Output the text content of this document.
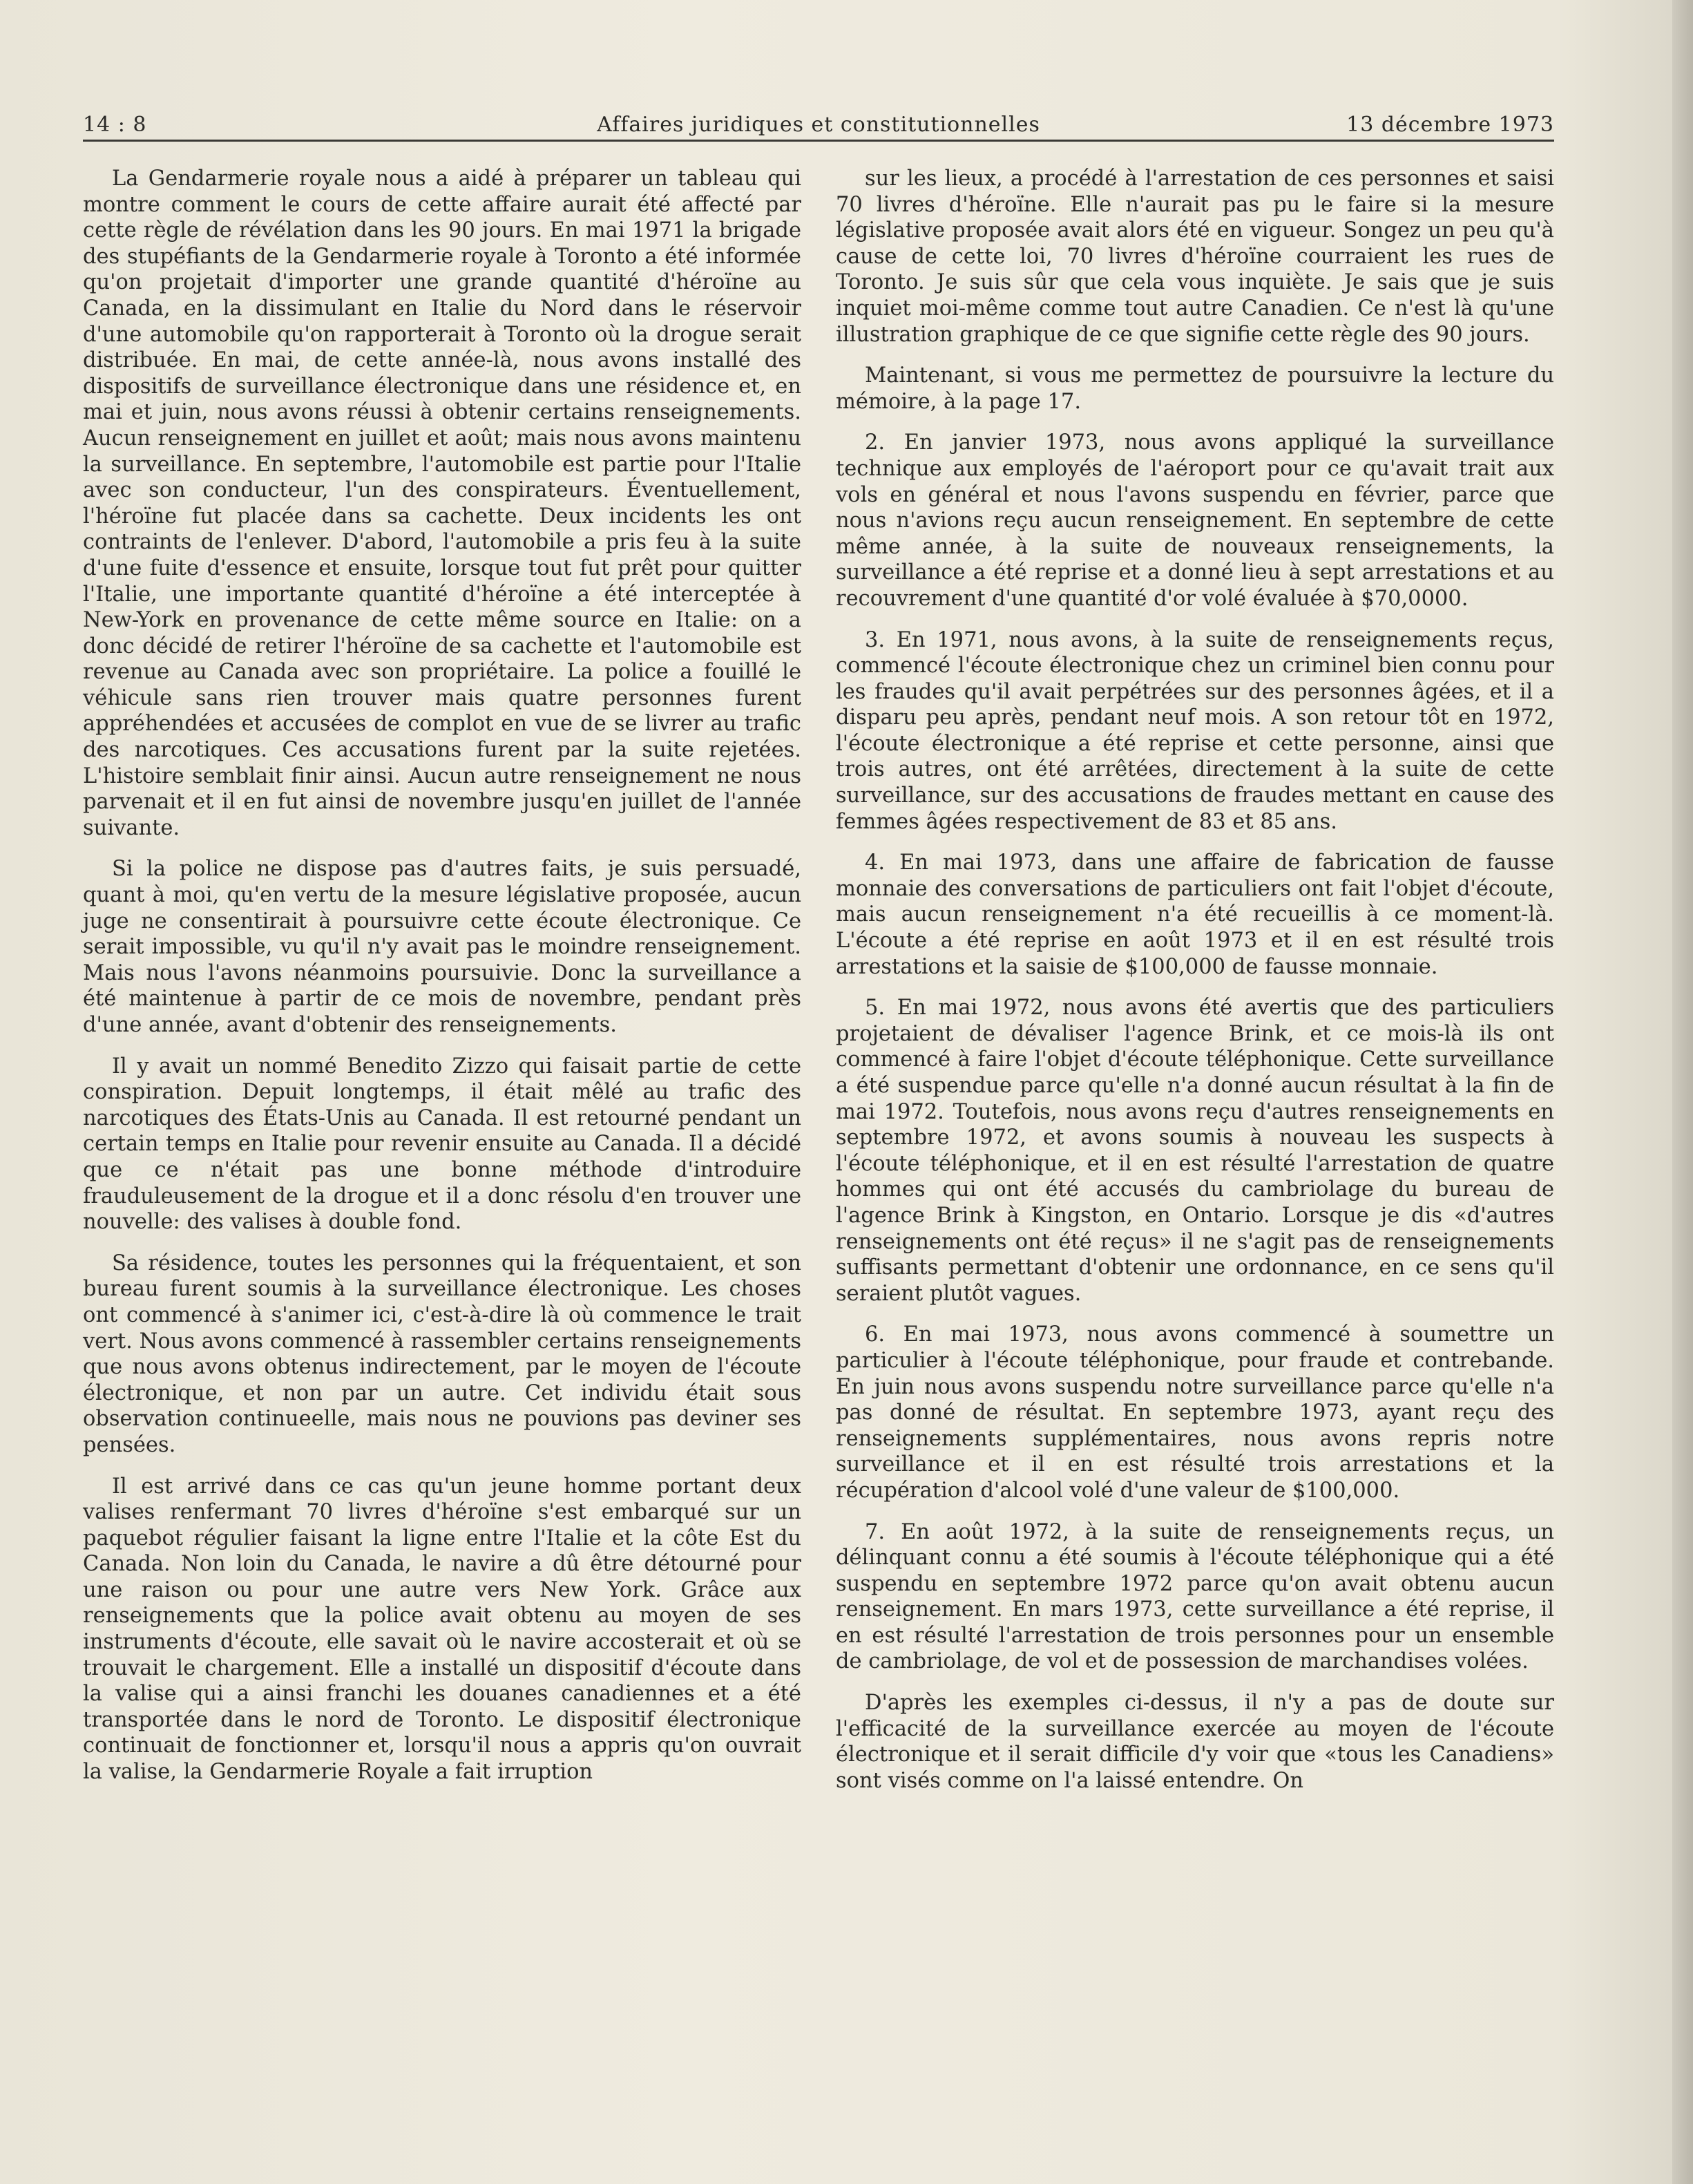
14 : 8	Affaires juridiques et constitutionnelles	13 décembre 1973

La Gendarmerie royale nous a aidé à préparer un tableau qui montre comment le cours de cette affaire aurait été affecté par cette règle de révélation dans les 90 jours. En mai 1971 la brigade des stupéfiants de la Gendarmerie royale à Toronto a été informée qu'on projetait d'importer une grande quantité d'héroïne au Canada, en la dissimulant en Italie du Nord dans le réservoir d'une automobile qu'on rapporterait à Toronto où la drogue serait distribuée. En mai, de cette année-là, nous avons installé des dispositifs de surveillance électronique dans une résidence et, en mai et juin, nous avons réussi à obtenir certains renseignements. Aucun renseignement en juillet et août; mais nous avons maintenu la surveillance. En septembre, l'automobile est partie pour l'Italie avec son conducteur, l'un des conspirateurs. Éventuellement, l'héroïne fut placée dans sa cachette. Deux incidents les ont contraints de l'enlever. D'abord, l'automobile a pris feu à la suite d'une fuite d'essence et ensuite, lorsque tout fut prêt pour quitter l'Italie, une importante quantité d'héroïne a été interceptée à New-York en provenance de cette même source en Italie: on a donc décidé de retirer l'héroïne de sa cachette et l'automobile est revenue au Canada avec son propriétaire. La police a fouillé le véhicule sans rien trouver mais quatre personnes furent appréhendées et accusées de complot en vue de se livrer au trafic des narcotiques. Ces accusations furent par la suite rejetées. L'histoire semblait finir ainsi. Aucun autre renseignement ne nous parvenait et il en fut ainsi de novembre jusqu'en juillet de l'année suivante.

Si la police ne dispose pas d'autres faits, je suis persuadé, quant à moi, qu'en vertu de la mesure législative proposée, aucun juge ne consentirait à poursuivre cette écoute électronique. Ce serait impossible, vu qu'il n'y avait pas le moindre renseignement. Mais nous l'avons néanmoins poursuivie. Donc la surveillance a été maintenue à partir de ce mois de novembre, pendant près d'une année, avant d'obtenir des renseignements.

Il y avait un nommé Benedito Zizzo qui faisait partie de cette conspiration. Depuit longtemps, il était mêlé au trafic des narcotiques des États-Unis au Canada. Il est retourné pendant un certain temps en Italie pour revenir ensuite au Canada. Il a décidé que ce n'était pas une bonne méthode d'introduire frauduleusement de la drogue et il a donc résolu d'en trouver une nouvelle: des valises à double fond.

Sa résidence, toutes les personnes qui la fréquentaient, et son bureau furent soumis à la surveillance électronique. Les choses ont commencé à s'animer ici, c'est-à-dire là où commence le trait vert. Nous avons commencé à rassembler certains renseignements que nous avons obtenus indirectement, par le moyen de l'écoute électronique, et non par un autre. Cet individu était sous observation continueelle, mais nous ne pouvions pas deviner ses pensées.

Il est arrivé dans ce cas qu'un jeune homme portant deux valises renfermant 70 livres d'héroïne s'est embarqué sur un paquebot régulier faisant la ligne entre l'Italie et la côte Est du Canada. Non loin du Canada, le navire a dû être détourné pour une raison ou pour une autre vers New York. Grâce aux renseignements que la police avait obtenu au moyen de ses instruments d'écoute, elle savait où le navire accosterait et où se trouvait le chargement. Elle a installé un dispositif d'écoute dans la valise qui a ainsi franchi les douanes canadiennes et a été transportée dans le nord de Toronto. Le dispositif électronique continuait de fonctionner et, lorsqu'il nous a appris qu'on ouvrait la valise, la Gendarmerie Royale a fait irruption

sur les lieux, a procédé à l'arrestation de ces personnes et saisi 70 livres d'héroïne. Elle n'aurait pas pu le faire si la mesure législative proposée avait alors été en vigueur. Songez un peu qu'à cause de cette loi, 70 livres d'héroïne courraient les rues de Toronto. Je suis sûr que cela vous inquiète. Je sais que je suis inquiet moi-même comme tout autre Canadien. Ce n'est là qu'une illustration graphique de ce que signifie cette règle des 90 jours.

Maintenant, si vous me permettez de poursuivre la lecture du mémoire, à la page 17.

2. En janvier 1973, nous avons appliqué la surveillance technique aux employés de l'aéroport pour ce qu'avait trait aux vols en général et nous l'avons suspendu en février, parce que nous n'avions reçu aucun renseignement. En septembre de cette même année, à la suite de nouveaux renseignements, la surveillance a été reprise et a donné lieu à sept arrestations et au recouvrement d'une quantité d'or volé évaluée à $70,0000.

3. En 1971, nous avons, à la suite de renseignements reçus, commencé l'écoute électronique chez un criminel bien connu pour les fraudes qu'il avait perpétrées sur des personnes âgées, et il a disparu peu après, pendant neuf mois. A son retour tôt en 1972, l'écoute électronique a été reprise et cette personne, ainsi que trois autres, ont été arrêtées, directement à la suite de cette surveillance, sur des accusations de fraudes mettant en cause des femmes âgées respectivement de 83 et 85 ans.

4. En mai 1973, dans une affaire de fabrication de fausse monnaie des conversations de particuliers ont fait l'objet d'écoute, mais aucun renseignement n'a été recueillis à ce moment-là. L'écoute a été reprise en août 1973 et il en est résulté trois arrestations et la saisie de $100,000 de fausse monnaie.

5. En mai 1972, nous avons été avertis que des particuliers projetaient de dévaliser l'agence Brink, et ce mois-là ils ont commencé à faire l'objet d'écoute téléphonique. Cette surveillance a été suspendue parce qu'elle n'a donné aucun résultat à la fin de mai 1972. Toutefois, nous avons reçu d'autres renseignements en septembre 1972, et avons soumis à nouveau les suspects à l'écoute téléphonique, et il en est résulté l'arrestation de quatre hommes qui ont été accusés du cambriolage du bureau de l'agence Brink à Kingston, en Ontario. Lorsque je dis «d'autres renseignements ont été reçus» il ne s'agit pas de renseignements suffisants permettant d'obtenir une ordonnance, en ce sens qu'il seraient plutôt vagues.

6. En mai 1973, nous avons commencé à soumettre un particulier à l'écoute téléphonique, pour fraude et contrebande. En juin nous avons suspendu notre surveillance parce qu'elle n'a pas donné de résultat. En septembre 1973, ayant reçu des renseignements supplémentaires, nous avons repris notre surveillance et il en est résulté trois arrestations et la récupération d'alcool volé d'une valeur de $100,000.

7. En août 1972, à la suite de renseignements reçus, un délinquant connu a été soumis à l'écoute téléphonique qui a été suspendu en septembre 1972 parce qu'on avait obtenu aucun renseignement. En mars 1973, cette surveillance a été reprise, il en est résulté l'arrestation de trois personnes pour un ensemble de cambriolage, de vol et de possession de marchandises volées.

D'après les exemples ci-dessus, il n'y a pas de doute sur l'efficacité de la surveillance exercée au moyen de l'écoute électronique et il serait difficile d'y voir que «tous les Canadiens» sont visés comme on l'a laissé entendre. On
